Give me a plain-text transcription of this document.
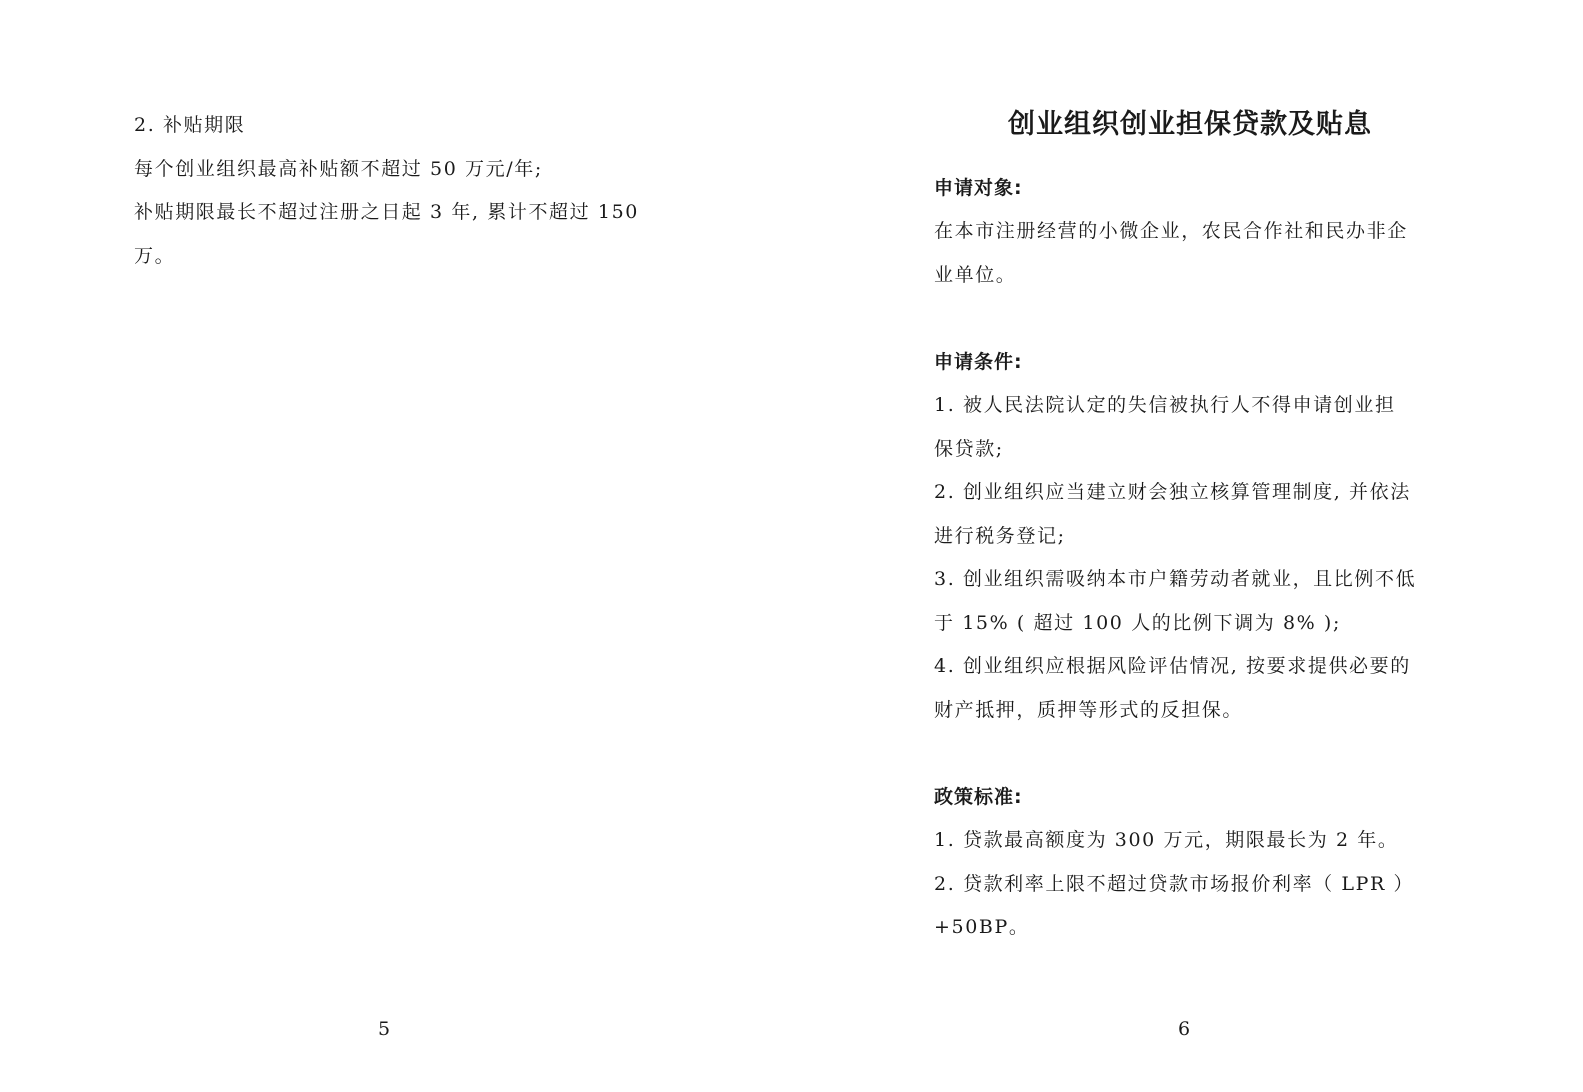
2. 补贴期限
每个创业组织最高补贴额不超过 50 万元/年;
补贴期限最长不超过注册之日起 3 年, 累计不超过 150
万。
5
创业组织创业担保贷款及贴息
申请对象:
在本市注册经营的小微企业，农民合作社和民办非企
业单位。
申请条件:
1. 被人民法院认定的失信被执行人不得申请创业担
保贷款;
2. 创业组织应当建立财会独立核算管理制度, 并依法
进行税务登记;
3. 创业组织需吸纳本市户籍劳动者就业，且比例不低
于 15% ( 超过 100 人的比例下调为 8% );
4. 创业组织应根据风险评估情况, 按要求提供必要的
财产抵押，质押等形式的反担保。
政策标准:
1. 贷款最高额度为 300 万元，期限最长为 2 年。
2. 贷款利率上限不超过贷款市场报价利率（ LPR ）
+50BP。
6
